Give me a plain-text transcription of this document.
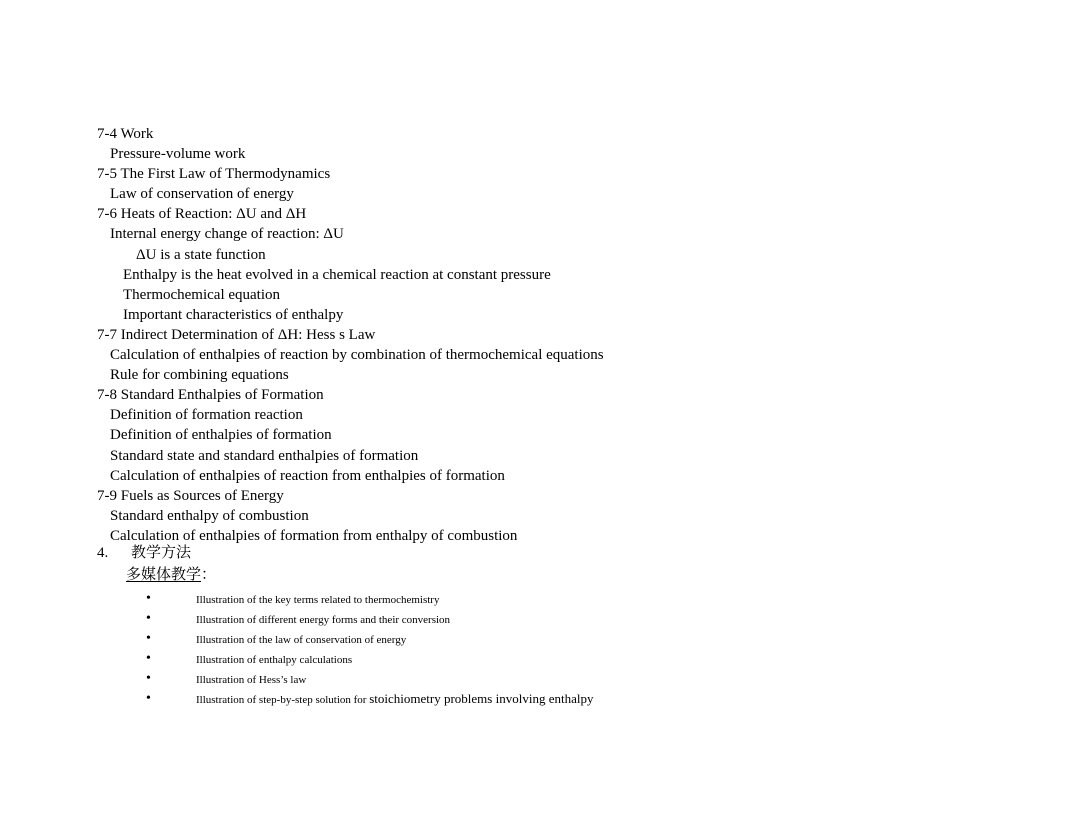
7-4 Work
Pressure-volume work
7-5 The First Law of Thermodynamics
Law of conservation of energy
7-6 Heats of Reaction: ΔU and ΔH
Internal energy change of reaction: ΔU
ΔU is a state function
Enthalpy is the heat evolved in a chemical reaction at constant pressure
Thermochemical equation
Important characteristics of enthalpy
7-7 Indirect Determination of ΔH: Hess s Law
Calculation of enthalpies of reaction by combination of thermochemical equations
Rule for combining equations
7-8 Standard Enthalpies of Formation
Definition of formation reaction
Definition of enthalpies of formation
Standard state and standard enthalpies of formation
Calculation of enthalpies of reaction from enthalpies of formation
7-9 Fuels as Sources of Energy
Standard enthalpy of combustion
Calculation of enthalpies of formation from enthalpy of combustion
4. 教学方法
多媒体教学：
•	Illustration of the key terms related to thermochemistry
•	Illustration of different energy forms and their conversion
•	Illustration of the law of conservation of energy
•	Illustration of enthalpy calculations
•	Illustration of Hess’s law
•	Illustration of step-by-step solution for stoichiometry problems involving enthalpy
